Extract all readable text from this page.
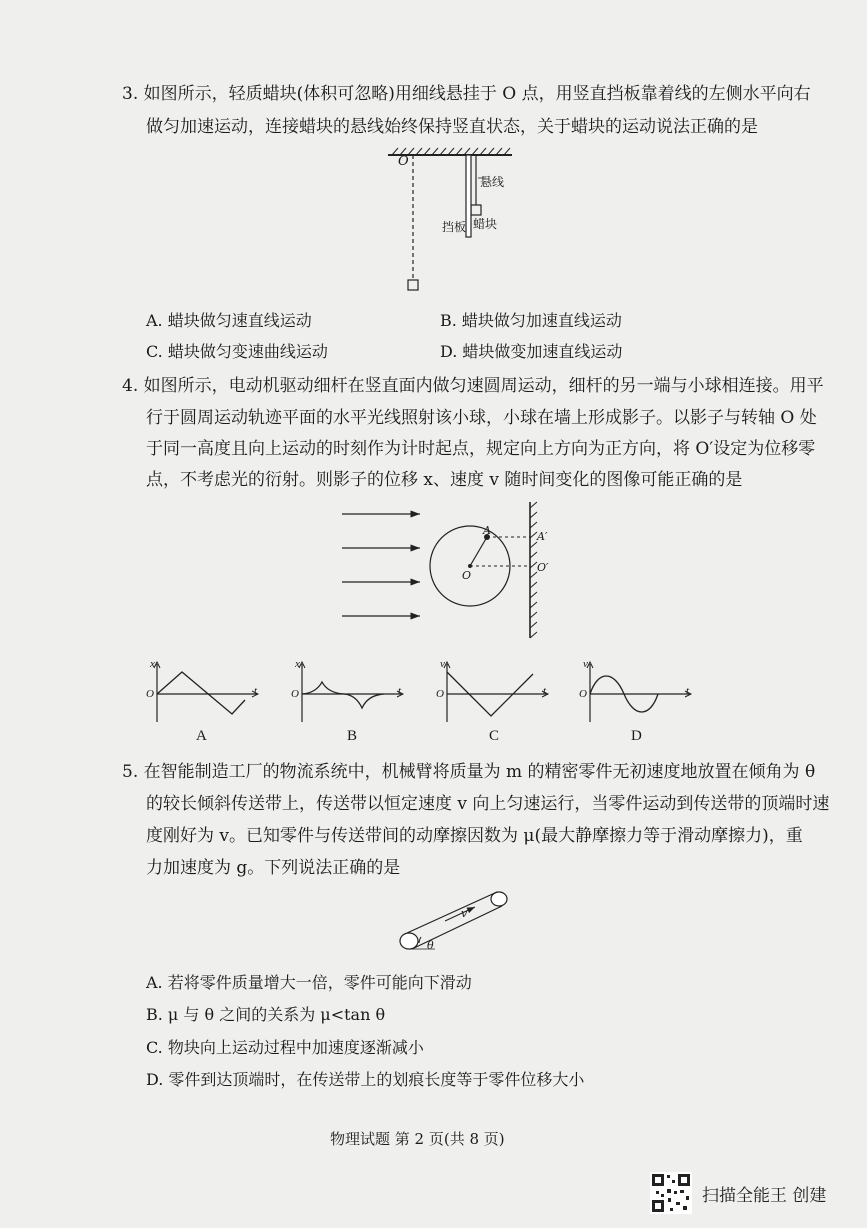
3. 如图所示，轻质蜡块(体积可忽略)用细线悬挂于 O 点，用竖直挡板靠着线的左侧水平向右
做匀加速运动，连接蜡块的悬线始终保持竖直状态，关于蜡块的运动说法正确的是
O
悬线
挡板 蜡块
A. 蜡块做匀速直线运动	B. 蜡块做匀加速直线运动
C. 蜡块做匀变速曲线运动	D. 蜡块做变加速直线运动
4. 如图所示，电动机驱动细杆在竖直面内做匀速圆周运动，细杆的另一端与小球相连接。用平
行于圆周运动轨迹平面的水平光线照射该小球，小球在墙上形成影子。以影子与转轴 O 处
于同一高度且向上运动的时刻作为计时起点，规定向上方向为正方向，将 O′设定为位移零
点，不考虑光的衍射。则影子的位移 x、速度 v 随时间变化的图像可能正确的是
A	A′
O
O′
x
O	t
A
x
O	t
B
v
O	t
C
v
O	t
D
5. 在智能制造工厂的物流系统中，机械臂将质量为 m 的精密零件无初速度地放置在倾角为 θ
的较长倾斜传送带上，传送带以恒定速度 v 向上匀速运行，当零件运动到传送带的顶端时速
度刚好为 v。已知零件与传送带间的动摩擦因数为 μ(最大静摩擦力等于滑动摩擦力)，重
力加速度为 g。下列说法正确的是
v
θ
A. 若将零件质量增大一倍，零件可能向下滑动
B. μ 与 θ 之间的关系为 μ<tan θ
C. 物块向上运动过程中加速度逐渐减小
D. 零件到达顶端时，在传送带上的划痕长度等于零件位移大小
物理试题 第 2 页(共 8 页)
扫描全能王 创建
